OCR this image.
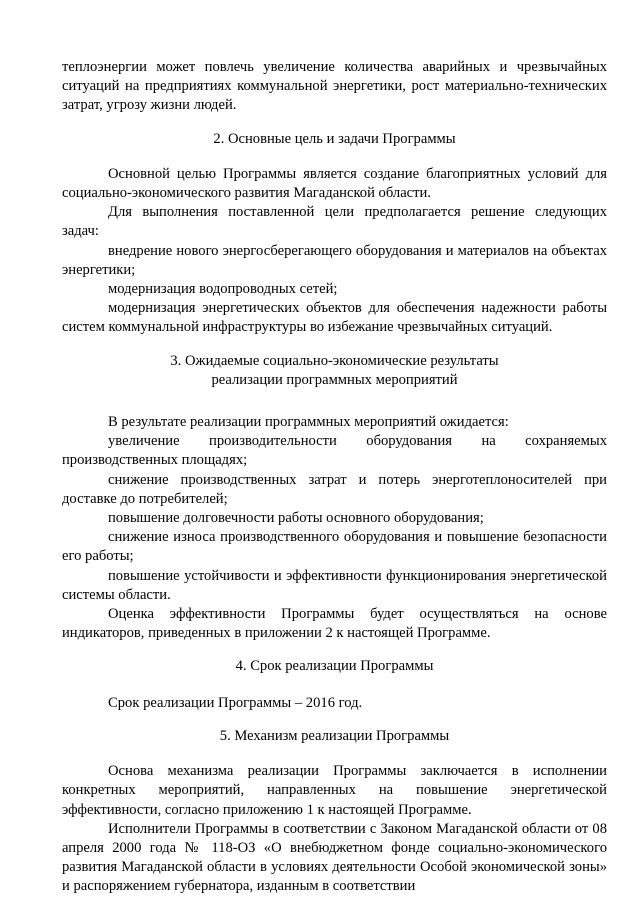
теплоэнергии может повлечь увеличение количества аварийных и чрезвычайных ситуаций на предприятиях коммунальной энергетики, рост материально-технических затрат, угрозу жизни людей.

2. Основные цель и задачи Программы

Основной целью Программы является создание благоприятных условий для социально-экономического развития Магаданской области.

Для выполнения поставленной цели предполагается решение следующих задач:

внедрение нового энергосберегающего оборудования и материалов на объектах энергетики;

модернизация водопроводных сетей;

модернизация энергетических объектов для обеспечения надежности работы систем коммунальной инфраструктуры во избежание чрезвычайных ситуаций.

3. Ожидаемые социально-экономические результаты
реализации программных мероприятий

В результате реализации программных мероприятий ожидается:

увеличение производительности оборудования на сохраняемых производственных площадях;

снижение производственных затрат и потерь энерготеплоносителей при доставке до потребителей;

повышение долговечности работы основного оборудования;

снижение износа производственного оборудования и повышение безопасности его работы;

повышение устойчивости и эффективности функционирования энергетической системы области.

Оценка эффективности Программы будет осуществляться на основе индикаторов, приведенных в приложении 2 к настоящей Программе.

4. Срок реализации Программы

Срок реализации Программы – 2016 год.

5. Механизм реализации Программы

Основа механизма реализации Программы заключается в исполнении конкретных мероприятий, направленных на повышение энергетической эффективности, согласно приложению 1 к настоящей Программе.

Исполнители Программы в соответствии с Законом Магаданской области от 08 апреля 2000 года № 118-ОЗ «О внебюджетном фонде социально-экономического развития Магаданской области в условиях деятельности Особой экономической зоны» и распоряжением губернатора, изданным в соответствии
